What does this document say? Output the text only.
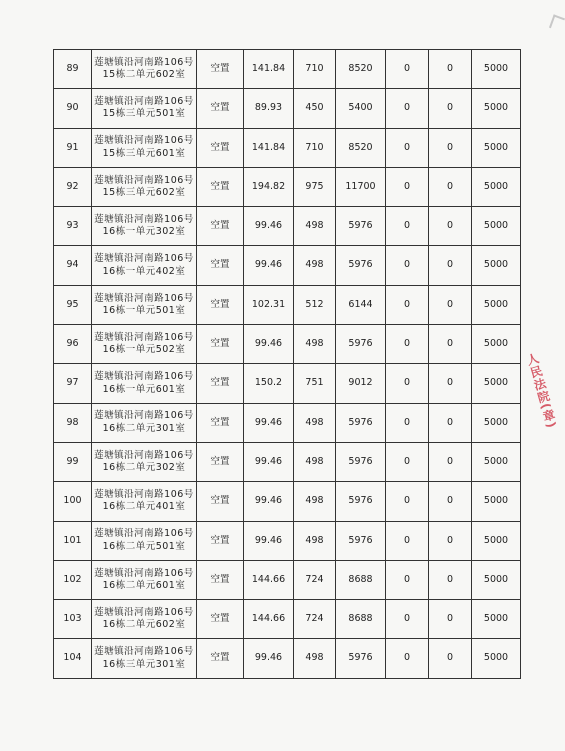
89	莲塘镇沿河南路106号
15栋二单元602室	空置	141.84	710	8520	0	0	5000
90	莲塘镇沿河南路106号
15栋三单元501室	空置	89.93	450	5400	0	0	5000
91	莲塘镇沿河南路106号
15栋三单元601室	空置	141.84	710	8520	0	0	5000
92	莲塘镇沿河南路106号
15栋三单元602室	空置	194.82	975	11700	0	0	5000
93	莲塘镇沿河南路106号
16栋一单元302室	空置	99.46	498	5976	0	0	5000
94	莲塘镇沿河南路106号
16栋一单元402室	空置	99.46	498	5976	0	0	5000
95	莲塘镇沿河南路106号
16栋一单元501室	空置	102.31	512	6144	0	0	5000
96	莲塘镇沿河南路106号
16栋一单元502室	空置	99.46	498	5976	0	0	5000
97	莲塘镇沿河南路106号
16栋一单元601室	空置	150.2	751	9012	0	0	5000
98	莲塘镇沿河南路106号
16栋二单元301室	空置	99.46	498	5976	0	0	5000
99	莲塘镇沿河南路106号
16栋二单元302室	空置	99.46	498	5976	0	0	5000
100	莲塘镇沿河南路106号
16栋二单元401室	空置	99.46	498	5976	0	0	5000
101	莲塘镇沿河南路106号
16栋二单元501室	空置	99.46	498	5976	0	0	5000
102	莲塘镇沿河南路106号
16栋二单元601室	空置	144.66	724	8688	0	0	5000
103	莲塘镇沿河南路106号
16栋二单元602室	空置	144.66	724	8688	0	0	5000
104	莲塘镇沿河南路106号
16栋三单元301室	空置	99.46	498	5976	0	0	5000
人民法院(章)
